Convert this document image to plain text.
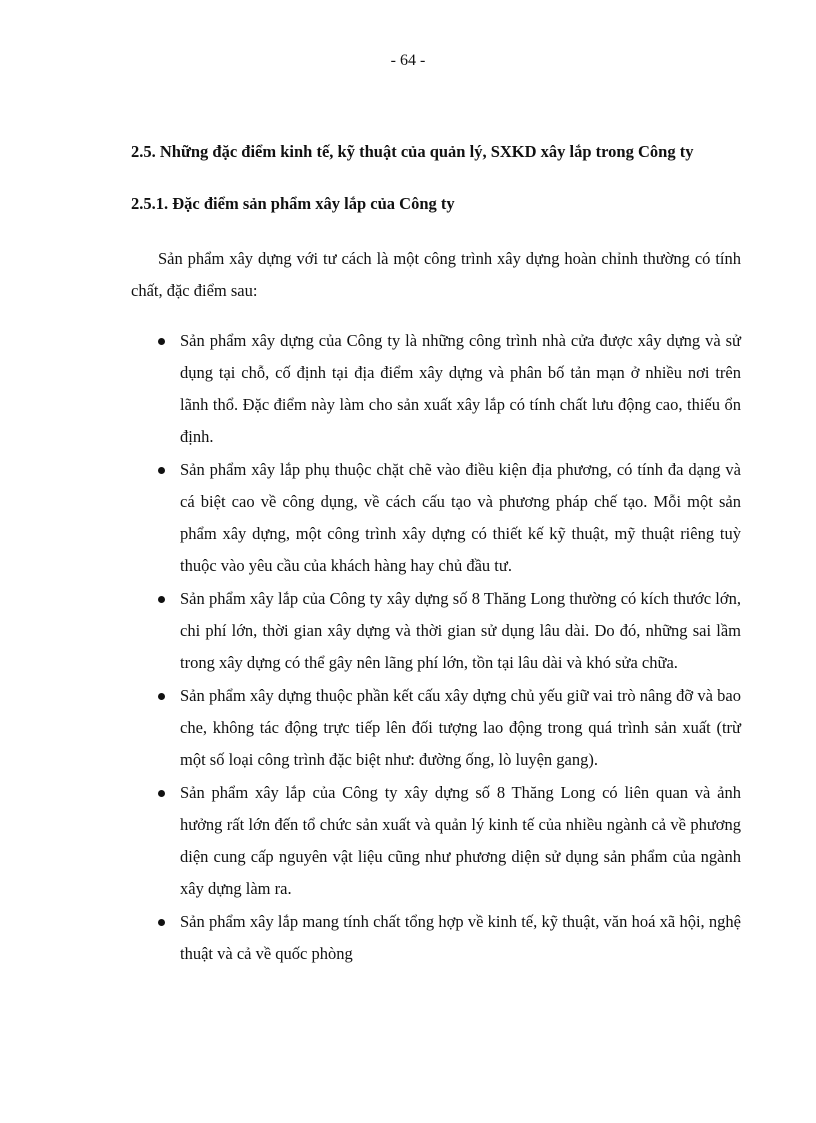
- 64 -
2.5. Những đặc điểm kinh tế, kỹ thuật của quản lý, SXKD xây lắp trong Công ty
2.5.1. Đặc điểm sản phẩm xây lắp của Công ty

Sản phẩm xây dựng với tư cách là một công trình xây dựng hoàn chỉnh thường có tính chất, đặc điểm sau:

Sản phẩm xây dựng của Công ty là những công trình nhà cửa được xây dựng và sử dụng tại chỗ, cố định tại địa điểm xây dựng và phân bố tản mạn ở nhiều nơi trên lãnh thổ. Đặc điểm này làm cho sản xuất xây lắp có tính chất lưu động cao, thiếu ổn định.
Sản phẩm xây lắp phụ thuộc chặt chẽ vào điều kiện địa phương, có tính đa dạng và cá biệt cao về công dụng, về cách cấu tạo và phương pháp chế tạo. Mỗi một sản phẩm xây dựng, một công trình xây dựng có thiết kế kỹ thuật, mỹ thuật riêng tuỳ thuộc vào yêu cầu của khách hàng hay chủ đầu tư.
Sản phẩm xây lắp của Công ty xây dựng số 8 Thăng Long thường có kích thước lớn, chi phí lớn, thời gian xây dựng và thời gian sử dụng lâu dài. Do đó, những sai lầm trong xây dựng có thể gây nên lãng phí lớn, tồn tại lâu dài và khó sửa chữa.
Sản phẩm xây dựng thuộc phần kết cấu xây dựng chủ yếu giữ vai trò nâng đỡ và bao che, không tác động trực tiếp lên đối tượng lao động trong quá trình sản xuất (trừ một số loại công trình đặc biệt như: đường ống, lò luyện gang).
Sản phẩm xây lắp của Công ty xây dựng số 8 Thăng Long có liên quan và ảnh hưởng rất lớn đến tổ chức sản xuất và quản lý kinh tế của nhiều ngành cả về phương diện cung cấp nguyên vật liệu cũng như phương diện sử dụng sản phẩm của ngành xây dựng làm ra.
Sản phẩm xây lắp mang tính chất tổng hợp về kinh tế, kỹ thuật, văn hoá xã hội, nghệ thuật và cả về quốc phòng
